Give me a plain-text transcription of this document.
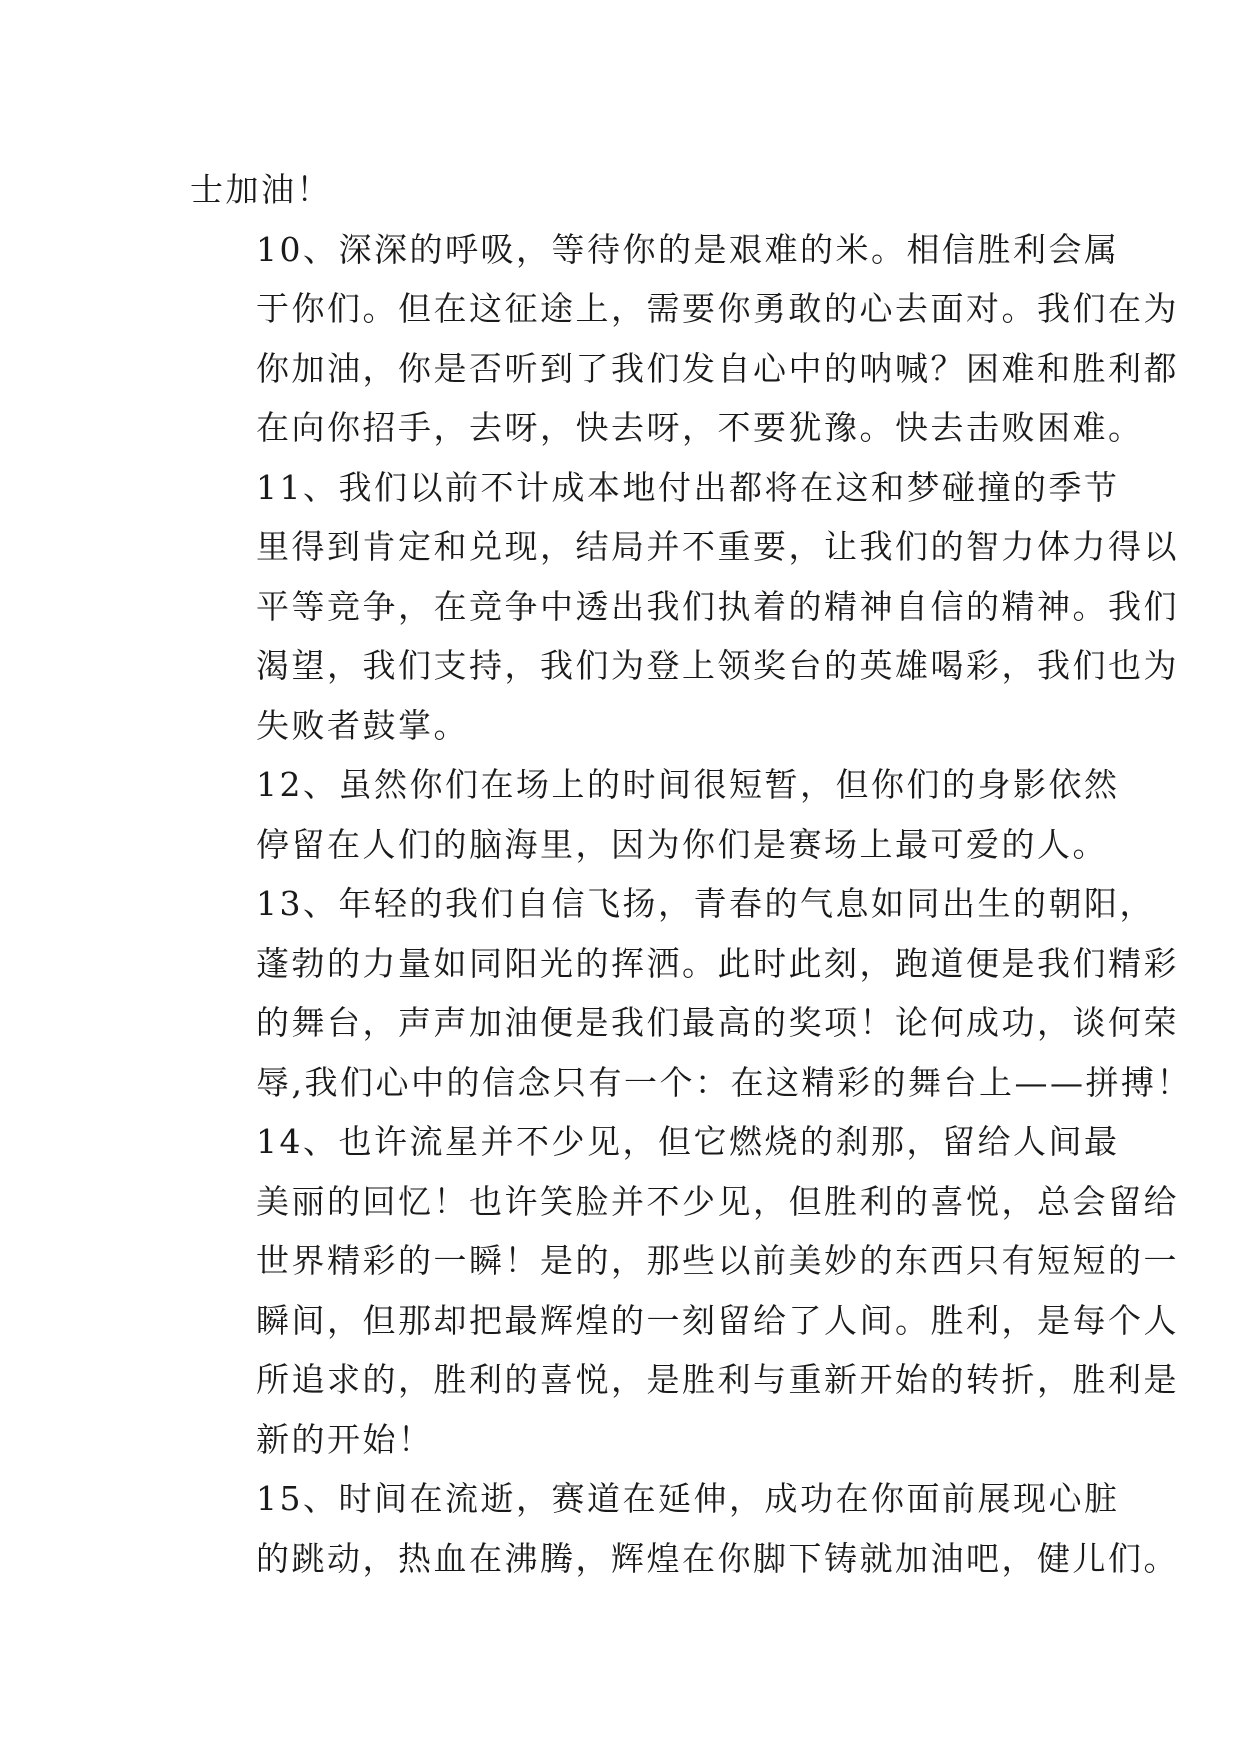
士加油！

10、深深的呼吸，等待你的是艰难的米。相信胜利会属
于你们。但在这征途上，需要你勇敢的心去面对。我们在为
你加油，你是否听到了我们发自心中的呐喊？困难和胜利都
在向你招手，去呀，快去呀，不要犹豫。快去击败困难。

11、我们以前不计成本地付出都将在这和梦碰撞的季节
里得到肯定和兑现，结局并不重要，让我们的智力体力得以
平等竞争，在竞争中透出我们执着的精神自信的精神。我们
渴望，我们支持，我们为登上领奖台的英雄喝彩，我们也为
失败者鼓掌。

12、虽然你们在场上的时间很短暂，但你们的身影依然
停留在人们的脑海里，因为你们是赛场上最可爱的人。

13、年轻的我们自信飞扬，青春的气息如同出生的朝阳，
蓬勃的力量如同阳光的挥洒。此时此刻，跑道便是我们精彩
的舞台，声声加油便是我们最高的奖项！论何成功，谈何荣
辱,我们心中的信念只有一个：在这精彩的舞台上——拼搏！

14、也许流星并不少见，但它燃烧的刹那，留给人间最
美丽的回忆！也许笑脸并不少见，但胜利的喜悦，总会留给
世界精彩的一瞬！是的，那些以前美妙的东西只有短短的一
瞬间，但那却把最辉煌的一刻留给了人间。胜利，是每个人
所追求的，胜利的喜悦，是胜利与重新开始的转折，胜利是
新的开始！

15、时间在流逝，赛道在延伸，成功在你面前展现心脏
的跳动，热血在沸腾，辉煌在你脚下铸就加油吧，健儿们。
